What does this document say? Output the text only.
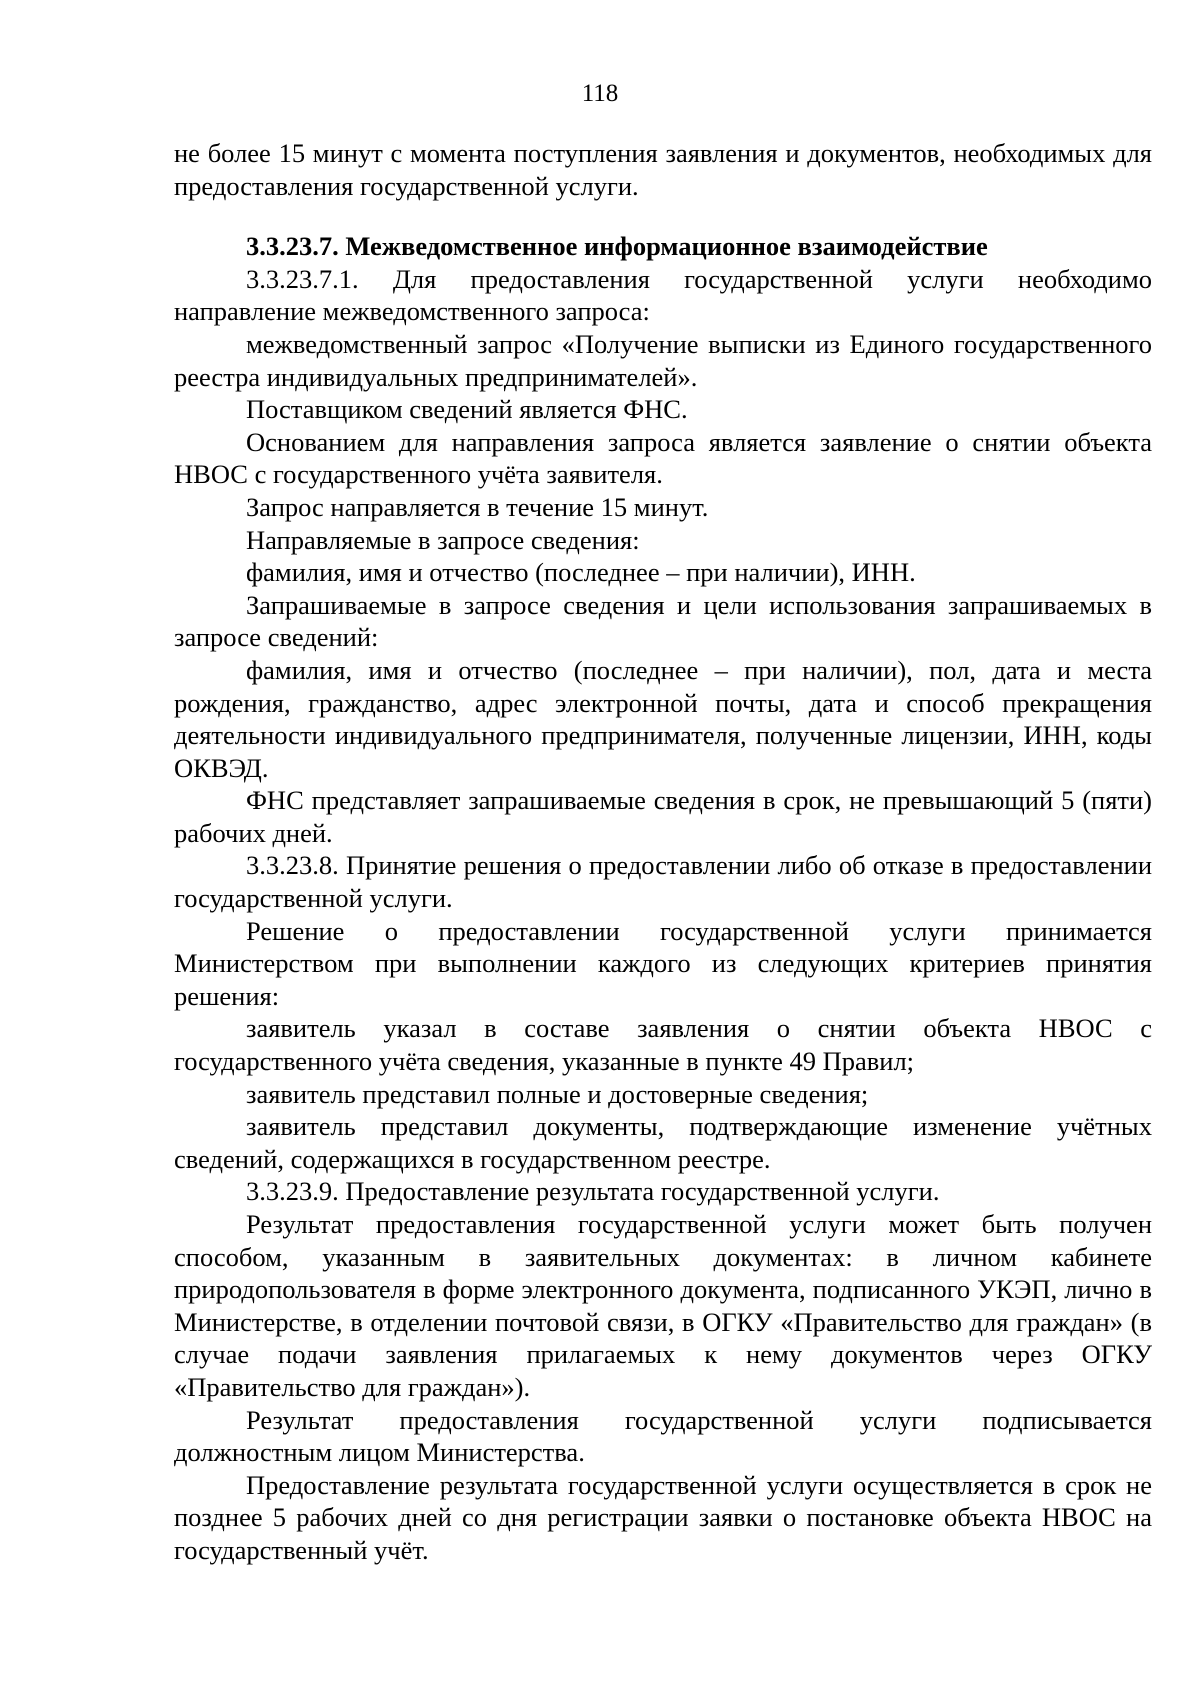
118

не более 15 минут с момента поступления заявления и документов, необходимых для предоставления государственной услуги.

3.3.23.7. Межведомственное информационное взаимодействие

3.3.23.7.1. Для предоставления государственной услуги необходимо направление межведомственного запроса:

межведомственный запрос «Получение выписки из Единого государственного реестра индивидуальных предпринимателей».

Поставщиком сведений является ФНС.

Основанием для направления запроса является заявление о снятии объекта НВОС с государственного учёта заявителя.

Запрос направляется в течение 15 минут.

Направляемые в запросе сведения:

фамилия, имя и отчество (последнее – при наличии), ИНН.

Запрашиваемые в запросе сведения и цели использования запрашиваемых в запросе сведений:

фамилия, имя и отчество (последнее – при наличии), пол, дата и места рождения, гражданство, адрес электронной почты, дата и способ прекращения деятельности индивидуального предпринимателя, полученные лицензии, ИНН, коды ОКВЭД.

ФНС представляет запрашиваемые сведения в срок, не превышающий 5 (пяти) рабочих дней.

3.3.23.8. Принятие решения о предоставлении либо об отказе в предоставлении государственной услуги.

Решение о предоставлении государственной услуги принимается Министерством при выполнении каждого из следующих критериев принятия решения:

заявитель указал в составе заявления о снятии объекта НВОС с государственного учёта сведения, указанные в пункте 49 Правил;

заявитель представил полные и достоверные сведения;

заявитель представил документы, подтверждающие изменение учётных сведений, содержащихся в государственном реестре.

3.3.23.9. Предоставление результата государственной услуги.

Результат предоставления государственной услуги может быть получен способом, указанным в заявительных документах: в личном кабинете природопользователя в форме электронного документа, подписанного УКЭП, лично в Министерстве, в отделении почтовой связи, в ОГКУ «Правительство для граждан» (в случае подачи заявления прилагаемых к нему документов через ОГКУ «Правительство для граждан»).

Результат предоставления государственной услуги подписывается должностным лицом Министерства.

Предоставление результата государственной услуги осуществляется в срок не позднее 5 рабочих дней со дня регистрации заявки о постановке объекта НВОС на государственный учёт.
